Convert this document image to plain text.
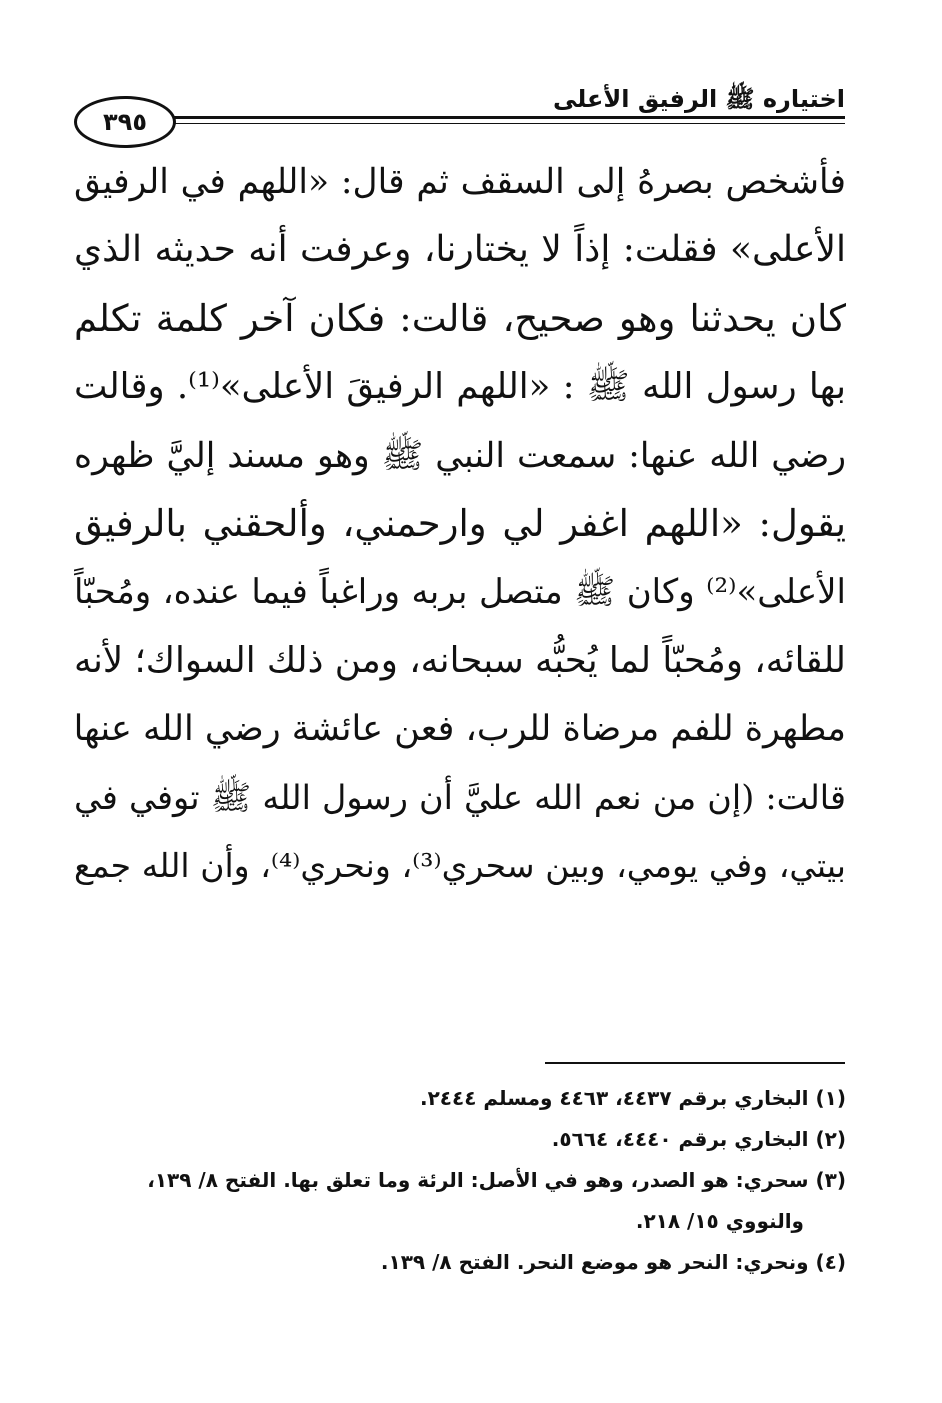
اختياره ﷺ الرفيق الأعلى
٣٩٥
فأشخص بصرهُ إلى السقف ثم قال: «اللهم في الرفيق
الأعلى» فقلت: إذاً لا يختارنا، وعرفت أنه حديثه الذي
كان يحدثنا وهو صحيح، قالت: فكان آخر كلمة تكلم
بها رسول الله ﷺ : «اللهم الرفيقَ الأعلى»⁽¹⁾. وقالت
رضي الله عنها: سمعت النبي ﷺ وهو مسند إليَّ ظهره
يقول: «اللهم اغفر لي وارحمني، وألحقني بالرفيق
الأعلى»⁽²⁾ وكان ﷺ متصل بربه وراغباً فيما عنده، ومُحبّاً
للقائه، ومُحبّاً لما يُحبُّه سبحانه، ومن ذلك السواك؛ لأنه
مطهرة للفم مرضاة للرب، فعن عائشة رضي الله عنها
قالت: (إن من نعم الله عليَّ أن رسول الله ﷺ توفي في
بيتي، وفي يومي، وبين سحري⁽³⁾، ونحري⁽⁴⁾، وأن الله جمع
(١) البخاري برقم ٤٤٣٧، ٤٤٦٣ ومسلم ٢٤٤٤.
(٢) البخاري برقم ٤٤٤٠، ٥٦٦٤.
(٣) سحري: هو الصدر، وهو في الأصل: الرئة وما تعلق بها. الفتح ٨/ ١٣٩،
والنووي ١٥/ ٢١٨.
(٤) ونحري: النحر هو موضع النحر. الفتح ٨/ ١٣٩.
